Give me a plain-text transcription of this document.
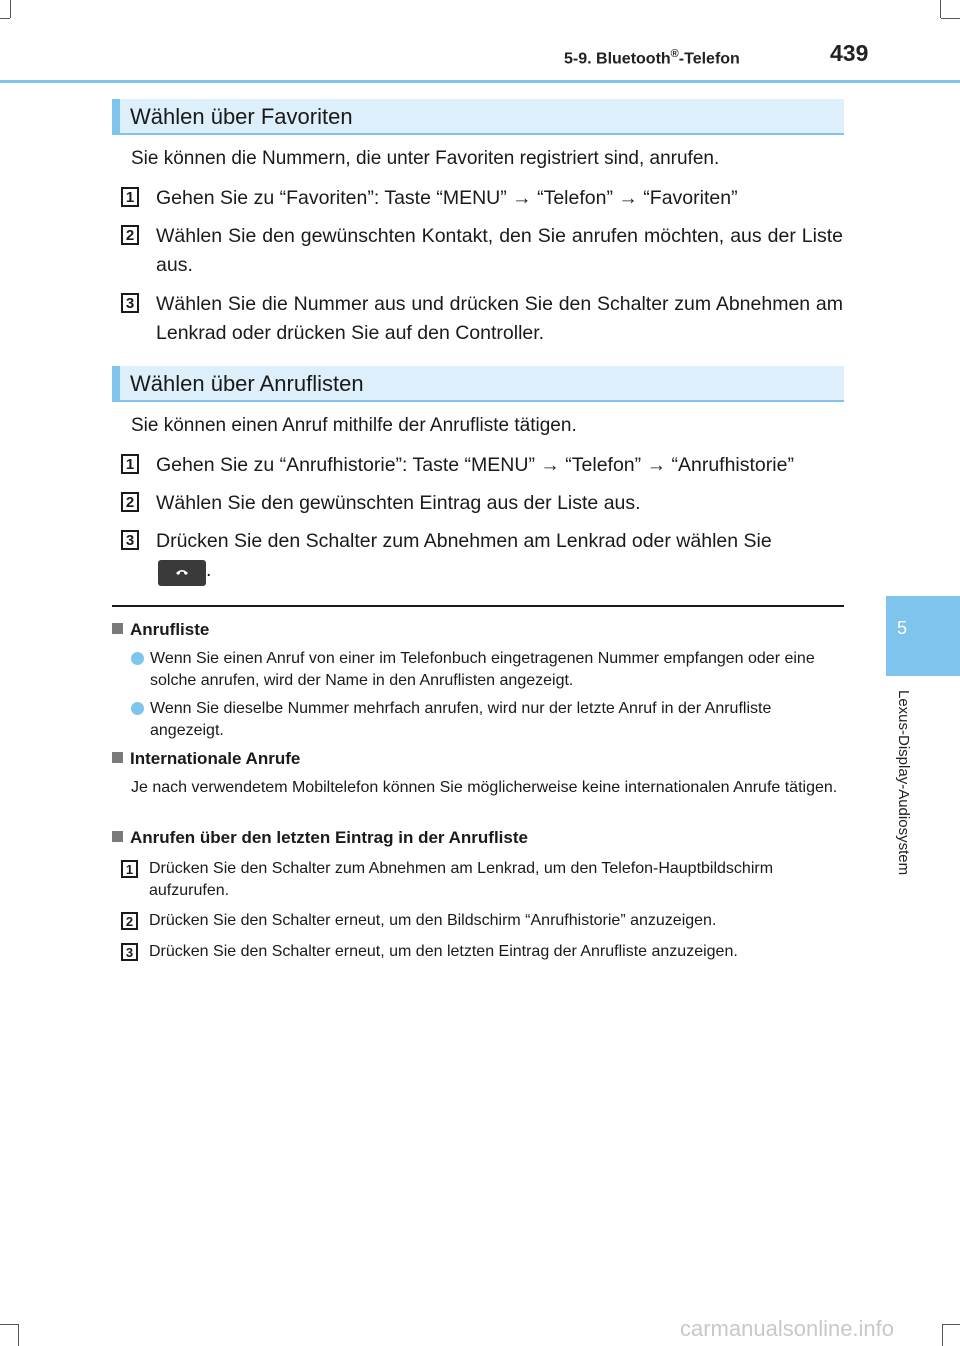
5-9. Bluetooth®-Telefon	439
5
Lexus-Display-Audiosystem
Wählen über Favoriten
Sie können die Nummern, die unter Favoriten registriert sind, anrufen.
1 Gehen Sie zu “Favoriten”: Taste “MENU” → “Telefon” → “Favoriten”
2 Wählen Sie den gewünschten Kontakt, den Sie anrufen möchten, aus der Liste aus.
3 Wählen Sie die Nummer aus und drücken Sie den Schalter zum Abnehmen am Lenkrad oder drücken Sie auf den Controller.
Wählen über Anruflisten
Sie können einen Anruf mithilfe der Anrufliste tätigen.
1 Gehen Sie zu “Anrufhistorie”: Taste “MENU” → “Telefon” → “Anrufhistorie”
2 Wählen Sie den gewünschten Eintrag aus der Liste aus.
3 Drücken Sie den Schalter zum Abnehmen am Lenkrad oder wählen Sie

.
Anrufliste
Wenn Sie einen Anruf von einer im Telefonbuch eingetragenen Nummer empfangen oder eine solche anrufen, wird der Name in den Anruflisten angezeigt.
Wenn Sie dieselbe Nummer mehrfach anrufen, wird nur der letzte Anruf in der Anrufliste angezeigt.
Internationale Anrufe
Je nach verwendetem Mobiltelefon können Sie möglicherweise keine internationalen Anrufe tätigen.
Anrufen über den letzten Eintrag in der Anrufliste
1 Drücken Sie den Schalter zum Abnehmen am Lenkrad, um den Telefon-Hauptbildschirm aufzurufen.
2 Drücken Sie den Schalter erneut, um den Bildschirm “Anrufhistorie” anzuzeigen.
3 Drücken Sie den Schalter erneut, um den letzten Eintrag der Anrufliste anzuzeigen.
carmanualsonline.info
